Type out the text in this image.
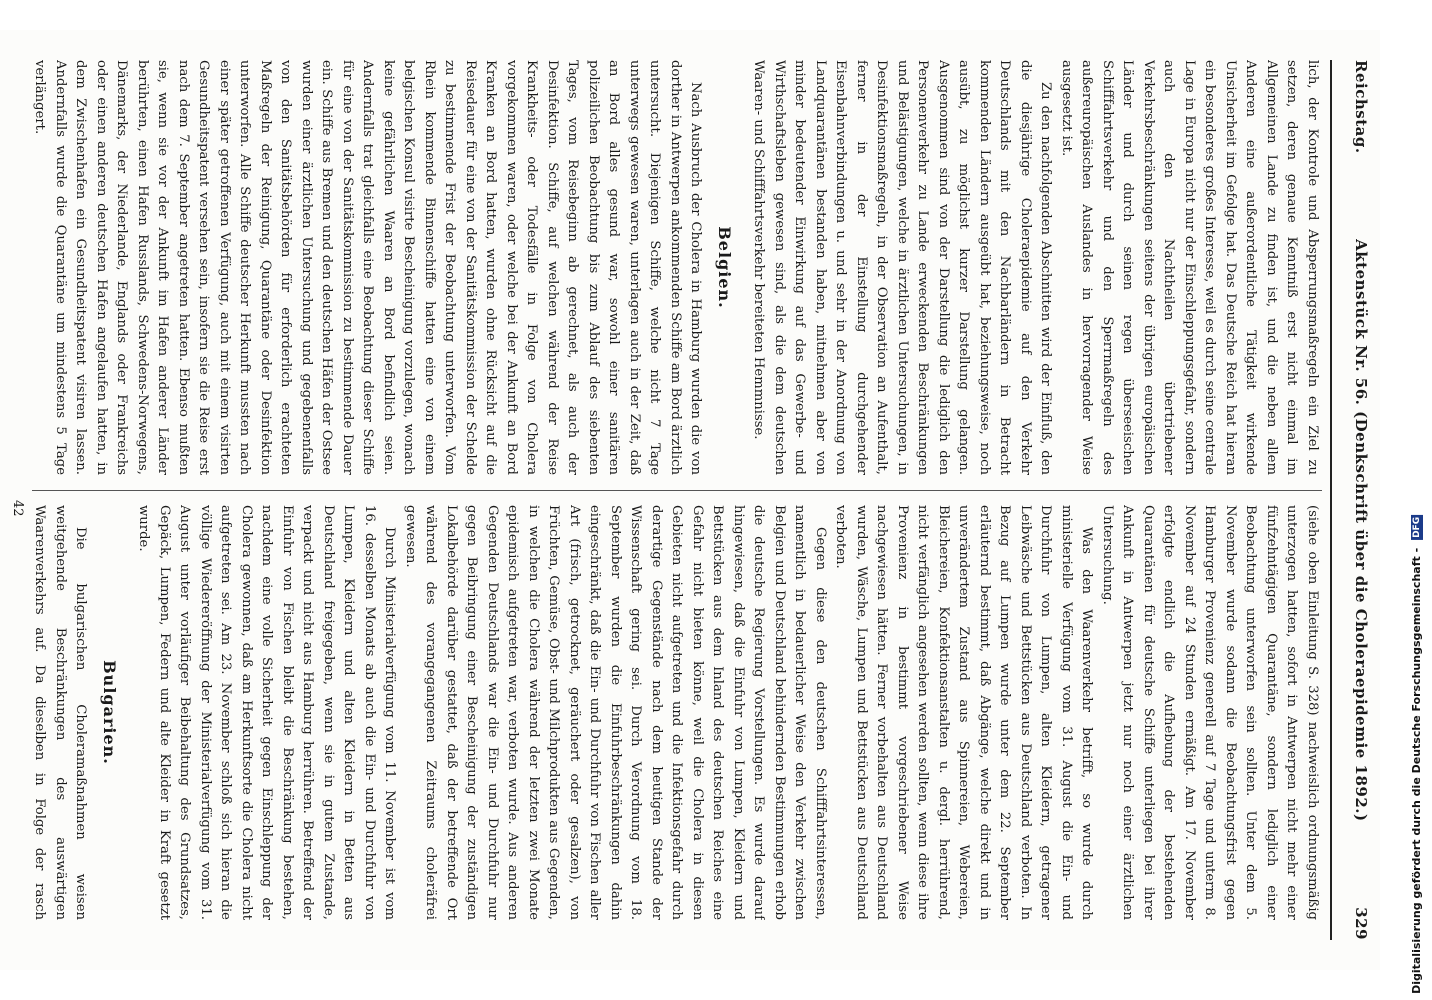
Reichstag.
Aktenstück Nr. 56. (Denkschrift über die Choleraepidemie 1892.)
329

lich, der Kontrole und Absperrungsmaßregeln ein Ziel zu setzen, deren genaue Kenntniß erst nicht einmal im Allgemeinen Lande zu finden ist, und die neben allem Anderen eine außerordentliche Tätigkeit wirkende Unsicherheit im Gefolge hat. Das Deutsche Reich hat hieran ein besonderes großes Interesse, weil es durch seine centrale Lage in Europa nicht nur der Einschleppungsgefahr, sondern auch den Nachtheilen übertriebener Verkehrsbeschränkungen seitens der übrigen europäischen Länder und durch seinen regen überseeischen Schifffahrtsverkehr und den Sperrmaßregeln des außereuropäischen Auslandes in hervorragender Weise ausgesetzt ist.

Zu den nachfolgenden Abschnitten wird der Einfluß, den die diesjährige Choleraepidemie auf den Verkehr Deutschlands mit den Nachbarländern in Betracht kommenden Ländern ausgeübt hat, beziehungsweise, noch ausübt, zu möglichst kurzer Darstellung gelangen. Ausgenommen sind von der Darstellung die lediglich den Personenverkehr zu Lande erweckenden Beschränkungen und Belästigungen, welche in ärztlichen Untersuchungen, in Desinfektionsmaßregeln, in der Observation an Aufenthalt, ferner in der Einstellung durchgehender Eisenbahnverbindungen u. und sehr in der Anordnung von Landquarantänen bestanden haben, mitnehmen aber von minder bedeutender Einwirkung auf das Gewerbe- und Wirthschaftsleben gewesen sind, als die dem deutschen Waaren- und Schifffahrtsverkehr bereiteten Hemmnisse.

Belgien.

Nach Ausbruch der Cholera in Hamburg wurden die von dorther in Antwerpen ankommenden Schiffe am Bord ärztlich untersucht. Diejenigen Schiffe, welche nicht 7 Tage unterwegs gewesen waren, unterlagen auch in der Zeit, daß an Bord alles gesund war, sowohl einer sanitären polizeilichen Beobachtung bis zum Ablauf des siebenten Tages, vom Reisebeginn ab gerechnet, als auch der Desinfektion. Schiffe, auf welchen während der Reise Krankheits- oder Todesfälle in Folge von Cholera vorgekommen waren, oder welche bei der Ankunft an Bord Kranken an Bord hatten, wurden ohne Rücksicht auf die Reisedauer für eine von der Sanitätskommission der Schelde zu bestimmende Frist der Beobachtung unterworfen. Vom Rhein kommende Binnenschiffe hatten eine von einem belgischen Konsul visirte Bescheinigung vorzulegen, wonach keine gefährlichen Waaren an Bord befindlich seien. Andernfalls trat gleichfalls eine Beobachtung dieser Schiffe für eine von der Sanitätskommission zu bestimmende Dauer ein. Schiffe aus Bremen und den deutschen Häfen der Ostsee wurden einer ärztlichen Untersuchung und gegebenenfalls von den Sanitätsbehörden für erforderlich erachteten Maßregeln der Reinigung, Quarantäne oder Desinfektion unterworfen. Alle Schiffe deutscher Herkunft mussten nach einer später getroffenen Verfügung, auch mit einem visirten Gesundheitspatent versehen sein, insofern sie die Reise erst nach dem 7. September angetreten hatten. Ebenso mußten sie, wenn sie vor der Ankunft im Hafen anderer Länder berührten, einen Hafen Russlands, Schwedens-Norwegens, Dänemarks, der Niederlande, Englands oder Frankreichs oder einen anderen deutschen Hafen angelaufen hatten, in dem Zwischenhafen ein Gesundheitspatent visiren lassen. Andernfalls wurde die Quarantäne um mindestens 5 Tage verlängert.

(siehe oben Einleitung S. 328) nachweislich ordnungsmäßig unterzogen hatten, sofort in Antwerpen nicht mehr einer fünfzehntägigen Quarantäne, sondern lediglich einer Beobachtung unterworfen sein sollten. Unter dem 5. November wurde sodann die Beobachtungsfrist gegen Hamburger Provenienz generell auf 7 Tage und unterm 8. November auf 24 Stunden ermäßigt. Am 17. November erfolgte endlich die Aufhebung der bestehenden Quarantänen für deutsche Schiffe unterliegen bei ihrer Ankunft in Antwerpen jetzt nur noch einer ärztlichen Untersuchung.

Was den Waarenverkehr betrifft, so wurde durch ministerielle Verfügung vom 31. August die Ein- und Durchfuhr von Lumpen, alten Kleidern, getragener Leibwäsche und Bettstücken aus Deutschland verboten. In Bezug auf Lumpen wurde unter dem 22. September erläuternd bestimmt, daß Abgänge, welche direkt und in unverändertem Zustand aus Spinnereien, Webereien, Bleichereien, Konfektionsanstalten u. dergl. herrührend, nicht verfänglich angesehen werden sollten, wenn diese ihre Provenienz in bestimmt vorgeschriebener Weise nachgewiesen hätten. Ferner vorbehalten aus Deutschland wurden, Wäsche, Lumpen und Bettstücken aus Deutschland verboten.

Gegen diese den deutschen Schifffahrtsinteressen, namentlich in bedauerlicher Weise den Verkehr zwischen Belgien und Deutschland behindernden Bestimmungen erhob die deutsche Regierung Vorstellungen. Es wurde darauf hingewiesen, daß die Einfuhr von Lumpen, Kleidern und Bettstücken aus dem Inland des deutschen Reiches eine Gefahr nicht bieten könne, weil die Cholera in diesen Gebieten nicht aufgetreten und die Infektionsgefahr durch derartige Gegenstände nach dem heutigen Stande der Wissenschaft gering sei. Durch Verordnung vom 18. September wurden die Einfuhrbeschränkungen dahin eingeschränkt, daß die Ein- und Durchfuhr von Fischen aller Art (frisch, getrocknet, geräuchert oder gesalzen), von Früchten, Gemüse, Obst- und Milchprodukten aus Gegenden, in welchen die Cholera während der letzten zwei Monate epidemisch aufgetreten war, verboten wurde. Aus anderen Gegenden Deutschlands war die Ein- und Durchfuhr nur gegen Beibringung einer Bescheinigung der zuständigen Lokalbehörde darüber gestattet, daß der betreffende Ort während des vorangegangenen Zeitraums choleräfrei gewesen.

Durch Ministerialverfügung vom 11. November ist vom 16. desselben Monats ab auch die Ein- und Durchfuhr von Lumpen, Kleidern und alten Kleidern in Betten aus Deutschland freigegeben, wenn sie in gutem Zustande, verpackt und nicht aus Hamburg herrühren. Betreffend der Einfuhr von Fischen bleibt die Beschränkung bestehen, nachdem eine volle Sicherheit gegen Einschleppung der Cholera gewonnen, daß am Herkunftsorte die Cholera nicht aufgetreten sei. Am 23. November schloß sich hieran die völlige Wiedereröffnung der Ministerialverfügung vom 31. August unter vorläufiger Beibehaltung des Grundsatzes, Gepäck, Lumpen, Federn und alte Kleider in Kraft gesetzt wurde.

Bulgarien.

Die bulgarischen Choleramaßnahmen weisen weitgehende Beschränkungen des auswärtigen Waarenverkehrs auf. Da dieselben in Folge der rasch

42
Digitalisierung gefördert durch die Deutsche Forschungsgemeinschaft - DFG
